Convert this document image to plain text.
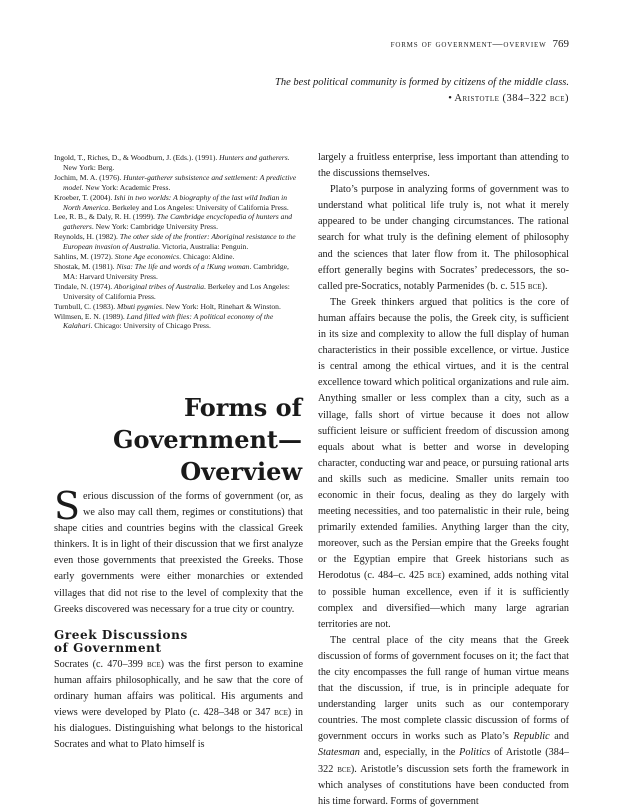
forms of government—overview 769
The best political community is formed by citizens of the middle class. • Aristotle (384–322 bce)

Ingold, T., Riches, D., & Woodburn, J. (Eds.). (1991). Hunters and gatherers. New York: Berg.

Jochim, M. A. (1976). Hunter-gatherer subsistence and settlement: A predictive model. New York: Academic Press.

Kroeber, T. (2004). Ishi in two worlds: A biography of the last wild Indian in North America. Berkeley and Los Angeles: University of California Press.

Lee, R. B., & Daly, R. H. (1999). The Cambridge encyclopedia of hunters and gatherers. New York: Cambridge University Press.

Reynolds, H. (1982). The other side of the frontier: Aboriginal resistance to the European invasion of Australia. Victoria, Australia: Penguin.

Sahlins, M. (1972). Stone Age economics. Chicago: Aldine.

Shostak, M. (1981). Nisa: The life and words of a !Kung woman. Cambridge, MA: Harvard University Press.

Tindale, N. (1974). Aboriginal tribes of Australia. Berkeley and Los Angeles: University of California Press.

Turnbull, C. (1983). Mbuti pygmies. New York: Holt, Rinehart & Winston.

Wilmsen, E. N. (1989). Land filled with flies: A political economy of the Kalahari. Chicago: University of Chicago Press.

Forms of
Government—
Overview
Serious discussion of the forms of government (or, as we also may call them, regimes or constitutions) that shape cities and countries begins with the classical Greek thinkers. It is in light of their discussion that we first analyze even those governments that preexisted the Greeks. Those early governments were either monarchies or extended villages that did not rise to the level of complexity that the Greeks discovered was necessary for a true city or country.
Greek Discussions
of Government
Socrates (c. 470–399 bce) was the first person to examine human affairs philosophically, and he saw that the core of ordinary human affairs was political. His arguments and views were developed by Plato (c. 428–348 or 347 bce) in his dialogues. Distinguishing what belongs to the historical Socrates and what to Plato himself is

largely a fruitless enterprise, less important than attending to the discussions themselves.

Plato’s purpose in analyzing forms of government was to understand what political life truly is, not what it merely appeared to be under changing circumstances. The rational search for what truly is the defining element of philosophy and the sciences that later flow from it. The philosophical effort generally begins with Socrates’ predecessors, the so-called pre-Socratics, notably Parmenides (b. c. 515 bce).

The Greek thinkers argued that politics is the core of human affairs because the polis, the Greek city, is sufficient in its size and complexity to allow the full display of human characteristics in their possible excellence, or virtue. Justice is central among the ethical virtues, and it is the central excellence toward which political organizations and rule aim. Anything smaller or less complex than a city, such as a village, falls short of virtue because it does not allow sufficient leisure or sufficient freedom of discussion among equals about what is better and worse in developing character, conducting war and peace, or pursuing rational arts and skills such as medicine. Smaller units remain too economic in their focus, dealing as they do largely with meeting necessities, and too paternalistic in their rule, being primarily extended families. Anything larger than the city, moreover, such as the Persian empire that the Greeks fought or the Egyptian empire that Greek historians such as Herodotus (c. 484–c. 425 bce) examined, adds nothing vital to possible human excellence, even if it is sufficiently complex and diversified—which many large agrarian territories are not.

The central place of the city means that the Greek discussion of forms of government focuses on it; the fact that the city encompasses the full range of human virtue means that the discussion, if true, is in principle adequate for understanding larger units such as our contemporary countries. The most complete classic discussion of forms of government occurs in works such as Plato’s Republic and Statesman and, especially, in the Politics of Aristotle (384–322 bce). Aristotle’s discussion sets forth the framework in which analyses of constitutions have been conducted from his time forward. Forms of government
